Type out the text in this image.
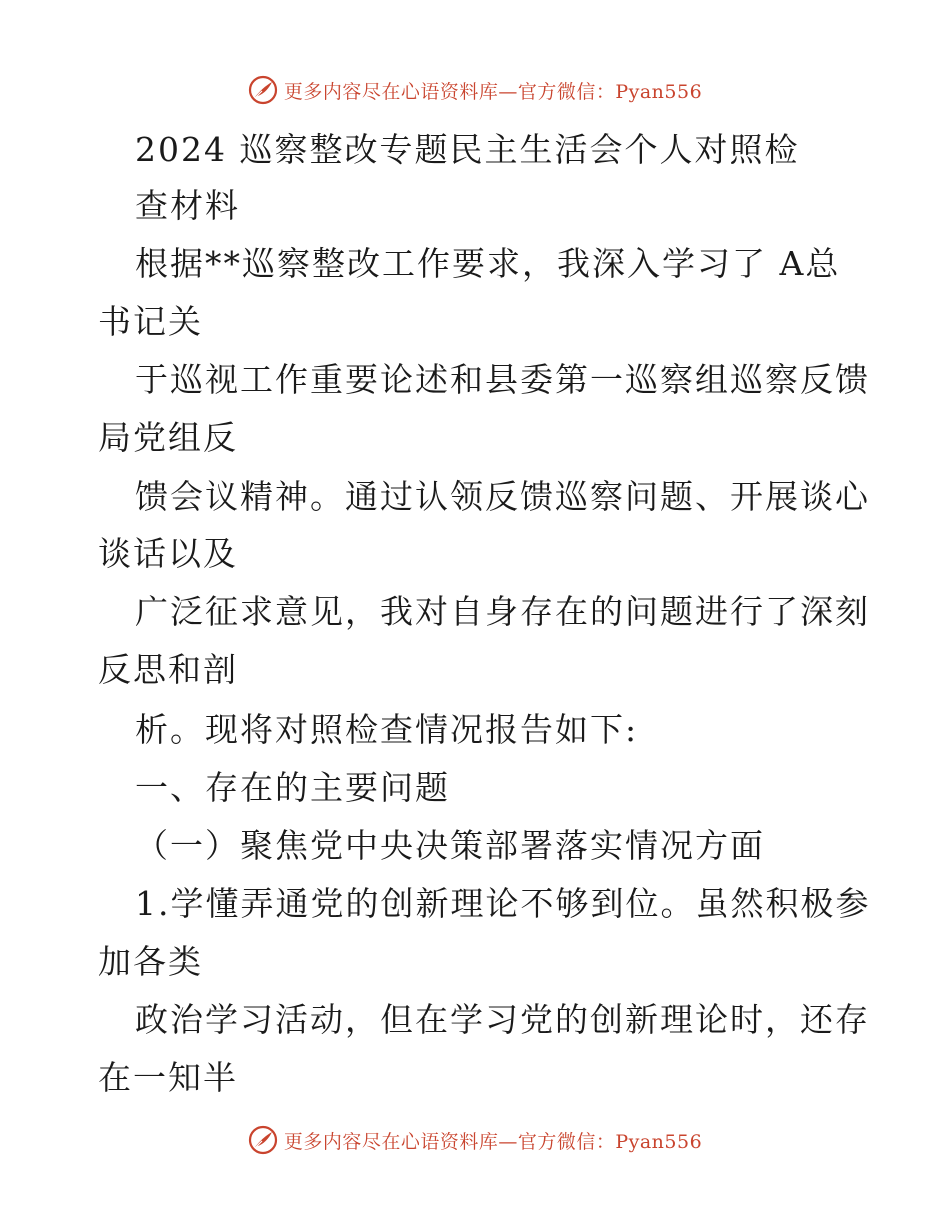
更多内容尽在心语资料库—官方微信：Pyan556
2024 巡察整改专题民主生活会个人对照检
查材料
根据**巡察整改工作要求，我深入学习了 A总
书记关
于巡视工作重要论述和县委第一巡察组巡察反馈
局党组反
馈会议精神。通过认领反馈巡察问题、开展谈心
谈话以及
广泛征求意见，我对自身存在的问题进行了深刻
反思和剖
析。现将对照检查情况报告如下:
一、存在的主要问题
（一）聚焦党中央决策部署落实情况方面
1.学懂弄通党的创新理论不够到位。虽然积极参
加各类
政治学习活动，但在学习党的创新理论时，还存
在一知半
更多内容尽在心语资料库—官方微信：Pyan556
